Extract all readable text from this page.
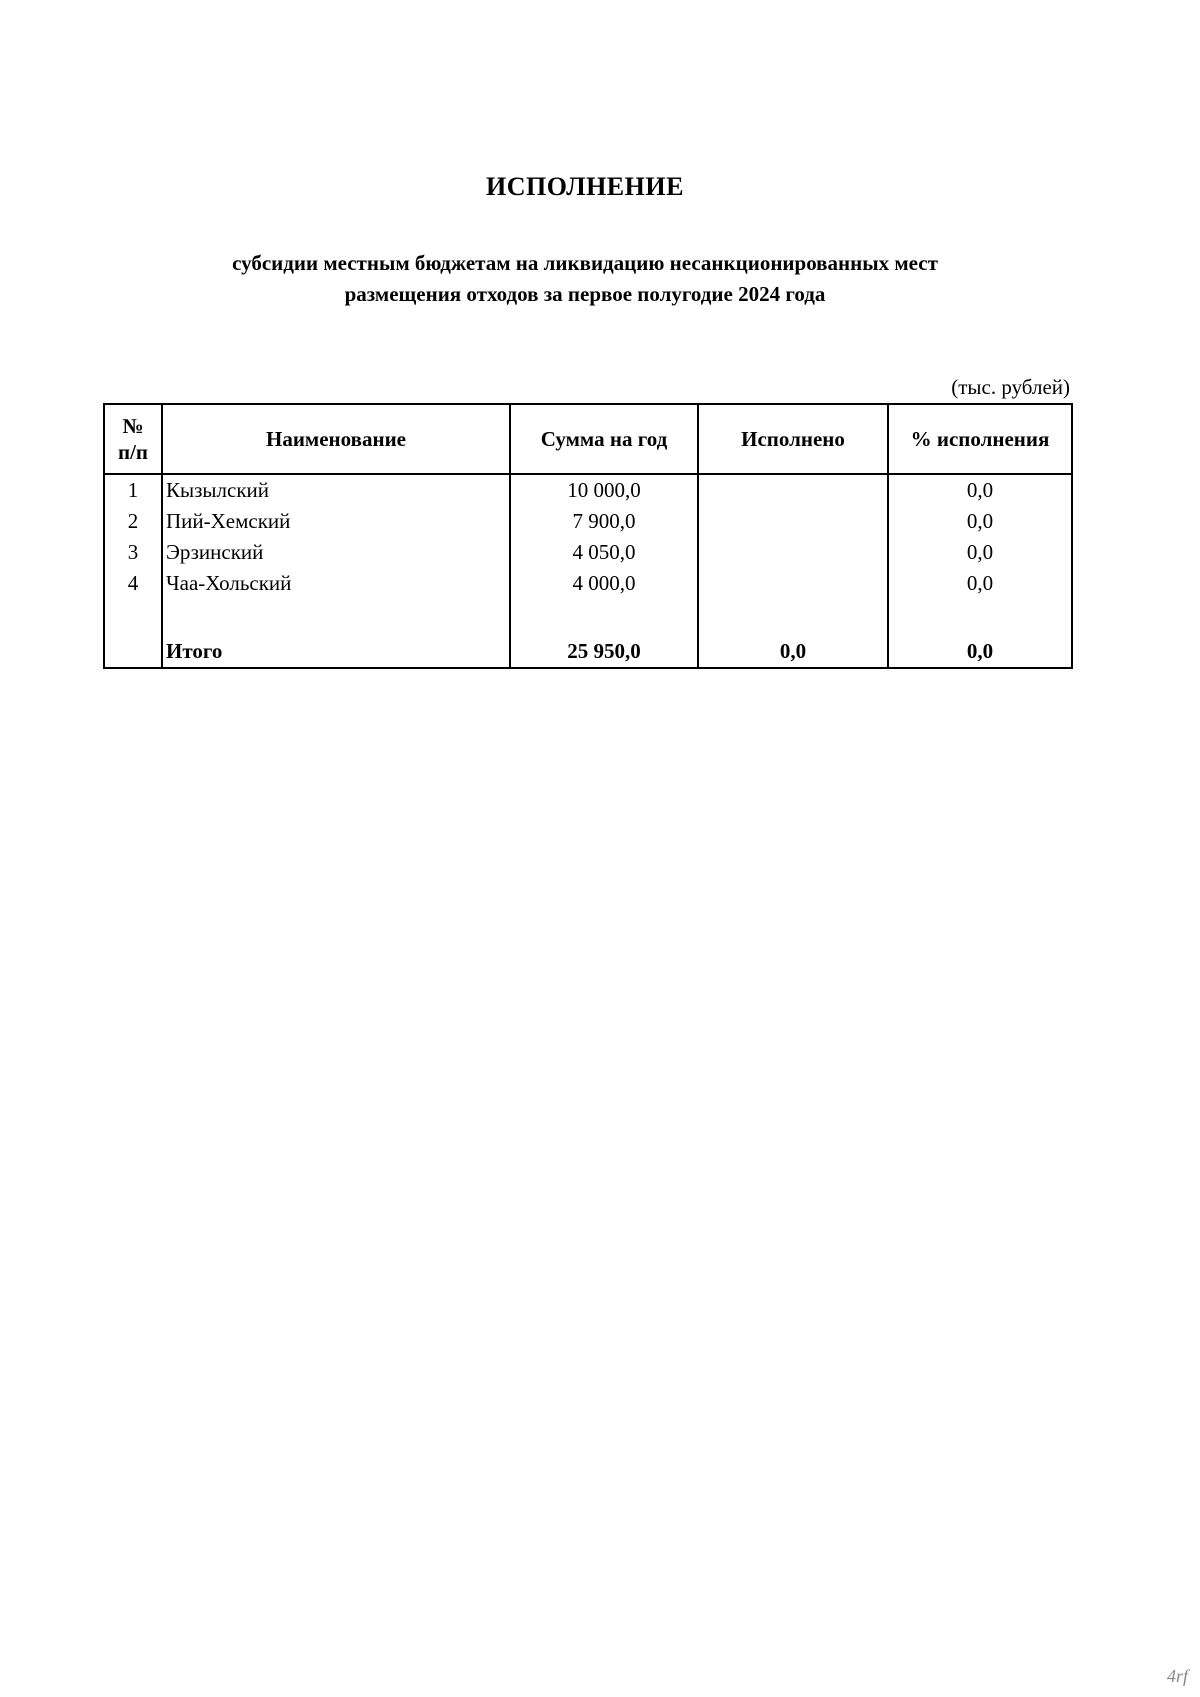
ИСПОЛНЕНИЕ
субсидии местным бюджетам на ликвидацию несанкционированных мест
размещения отходов за первое полугодие 2024 года
(тыс. рублей)
№
п/п	Наименование	Сумма на год	Исполнено	% исполнения
1	Кызылский	10 000,0		0,0
2	Пий-Хемский	7 900,0		0,0
3	Эрзинский	4 050,0		0,0
4	Чаа-Хольский	4 000,0		0,0

	Итого	25 950,0	0,0	0,0
4rf
